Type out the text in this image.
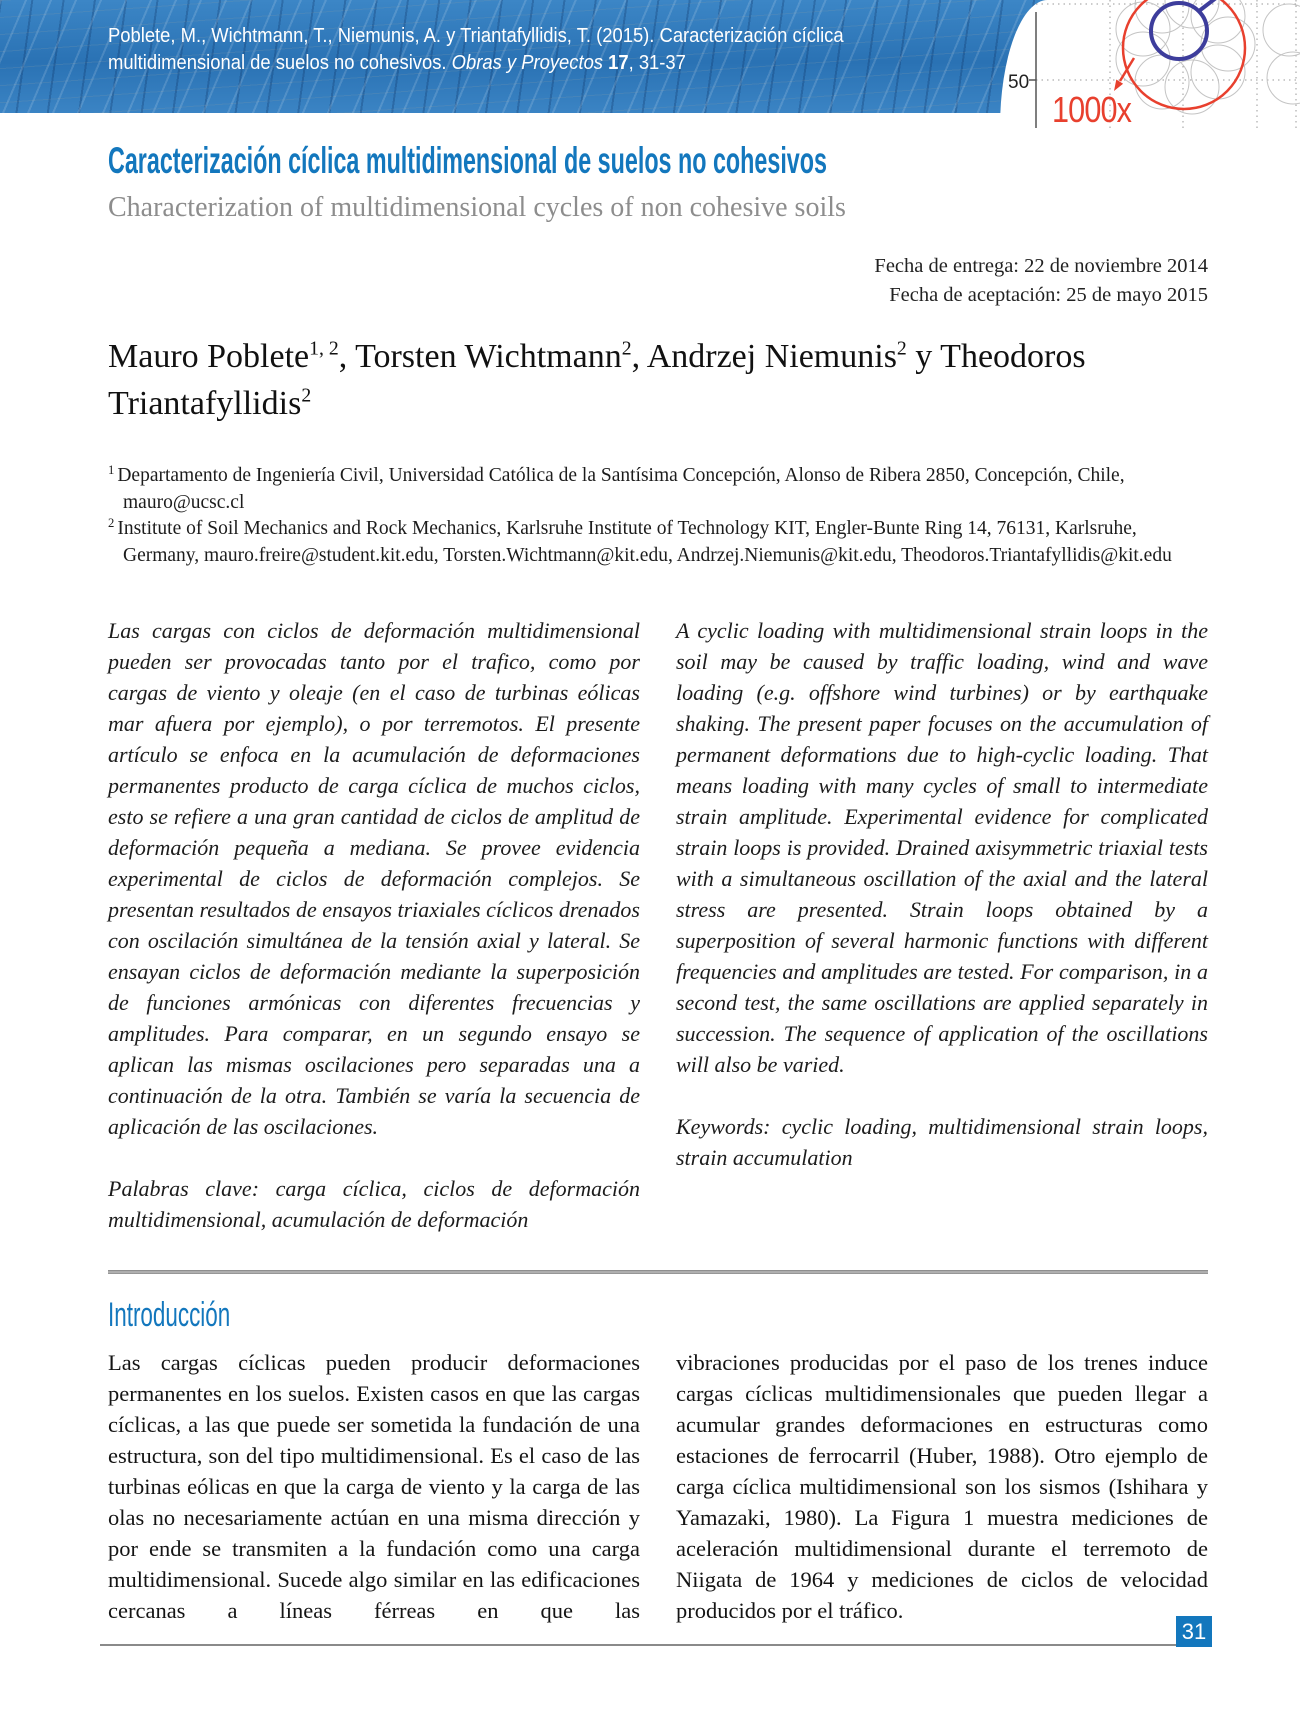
Poblete, M., Wichtmann, T., Niemunis, A. y Triantafyllidis, T. (2015). Caracterización cíclica
multidimensional de suelos no cohesivos. Obras y Proyectos 17, 31-37
50
1000x
Caracterización cíclica multidimensional de suelos no cohesivos
Characterization of multidimensional cycles of non cohesive soils
Fecha de entrega: 22 de noviembre 2014
Fecha de aceptación: 25 de mayo 2015
Mauro Poblete$^{1, 2}$, Torsten Wichtmann$^2$, Andrzej Niemunis$^2$ y Theodoros Triantafyllidis$^2$

$^1$ Departamento de Ingeniería Civil, Universidad Católica de la Santísima Concepción, Alonso de Ribera 2850, Concepción, Chile, mauro@ucsc.cl

$^2$ Institute of Soil Mechanics and Rock Mechanics, Karlsruhe Institute of Technology KIT, Engler-Bunte Ring 14, 76131, Karlsruhe, Germany, mauro.freire@student.kit.edu, Torsten.Wichtmann@kit.edu, Andrzej.Niemunis@kit.edu, Theodoros.Triantafyllidis@kit.edu

Las cargas con ciclos de deformación multidimensional pueden ser provocadas tanto por el trafico, como por cargas de viento y oleaje (en el caso de turbinas eólicas mar afuera por ejemplo), o por terremotos. El presente artículo se enfoca en la acumulación de deformaciones permanentes producto de carga cíclica de muchos ciclos, esto se refiere a una gran cantidad de ciclos de amplitud de deformación pequeña a mediana. Se provee evidencia experimental de ciclos de deformación complejos. Se presentan resultados de ensayos triaxiales cíclicos drenados con oscilación simultánea de la tensión axial y lateral. Se ensayan ciclos de deformación mediante la superposición de funciones armónicas con diferentes frecuencias y amplitudes. Para comparar, en un segundo ensayo se aplican las mismas oscilaciones pero separadas una a continuación de la otra. También se varía la secuencia de aplicación de las oscilaciones.

Palabras clave: carga cíclica, ciclos de deformación multidimensional, acumulación de deformación

A cyclic loading with multidimensional strain loops in the soil may be caused by traffic loading, wind and wave loading (e.g. offshore wind turbines) or by earthquake shaking. The present paper focuses on the accumulation of permanent deformations due to high-cyclic loading. That means loading with many cycles of small to intermediate strain amplitude. Experimental evidence for complicated strain loops is provided. Drained axisymmetric triaxial tests with a simultaneous oscillation of the axial and the lateral stress are presented. Strain loops obtained by a superposition of several harmonic functions with different frequencies and amplitudes are tested. For comparison, in a second test, the same oscillations are applied separately in succession. The sequence of application of the oscillations will also be varied.

Keywords: cyclic loading, multidimensional strain loops, strain accumulation

Introducción

Las cargas cíclicas pueden producir deformaciones permanentes en los suelos. Existen casos en que las cargas cíclicas, a las que puede ser sometida la fundación de una estructura, son del tipo multidimensional. Es el caso de las turbinas eólicas en que la carga de viento y la carga de las olas no necesariamente actúan en una misma dirección y por ende se transmiten a la fundación como una carga multidimensional. Sucede algo similar en las edificaciones cercanas a líneas férreas en que las

vibraciones producidas por el paso de los trenes induce cargas cíclicas multidimensionales que pueden llegar a acumular grandes deformaciones en estructuras como estaciones de ferrocarril (Huber, 1988). Otro ejemplo de carga cíclica multidimensional son los sismos (Ishihara y Yamazaki, 1980). La Figura 1 muestra mediciones de aceleración multidimensional durante el terremoto de Niigata de 1964 y mediciones de ciclos de velocidad producidos por el tráfico.

31
